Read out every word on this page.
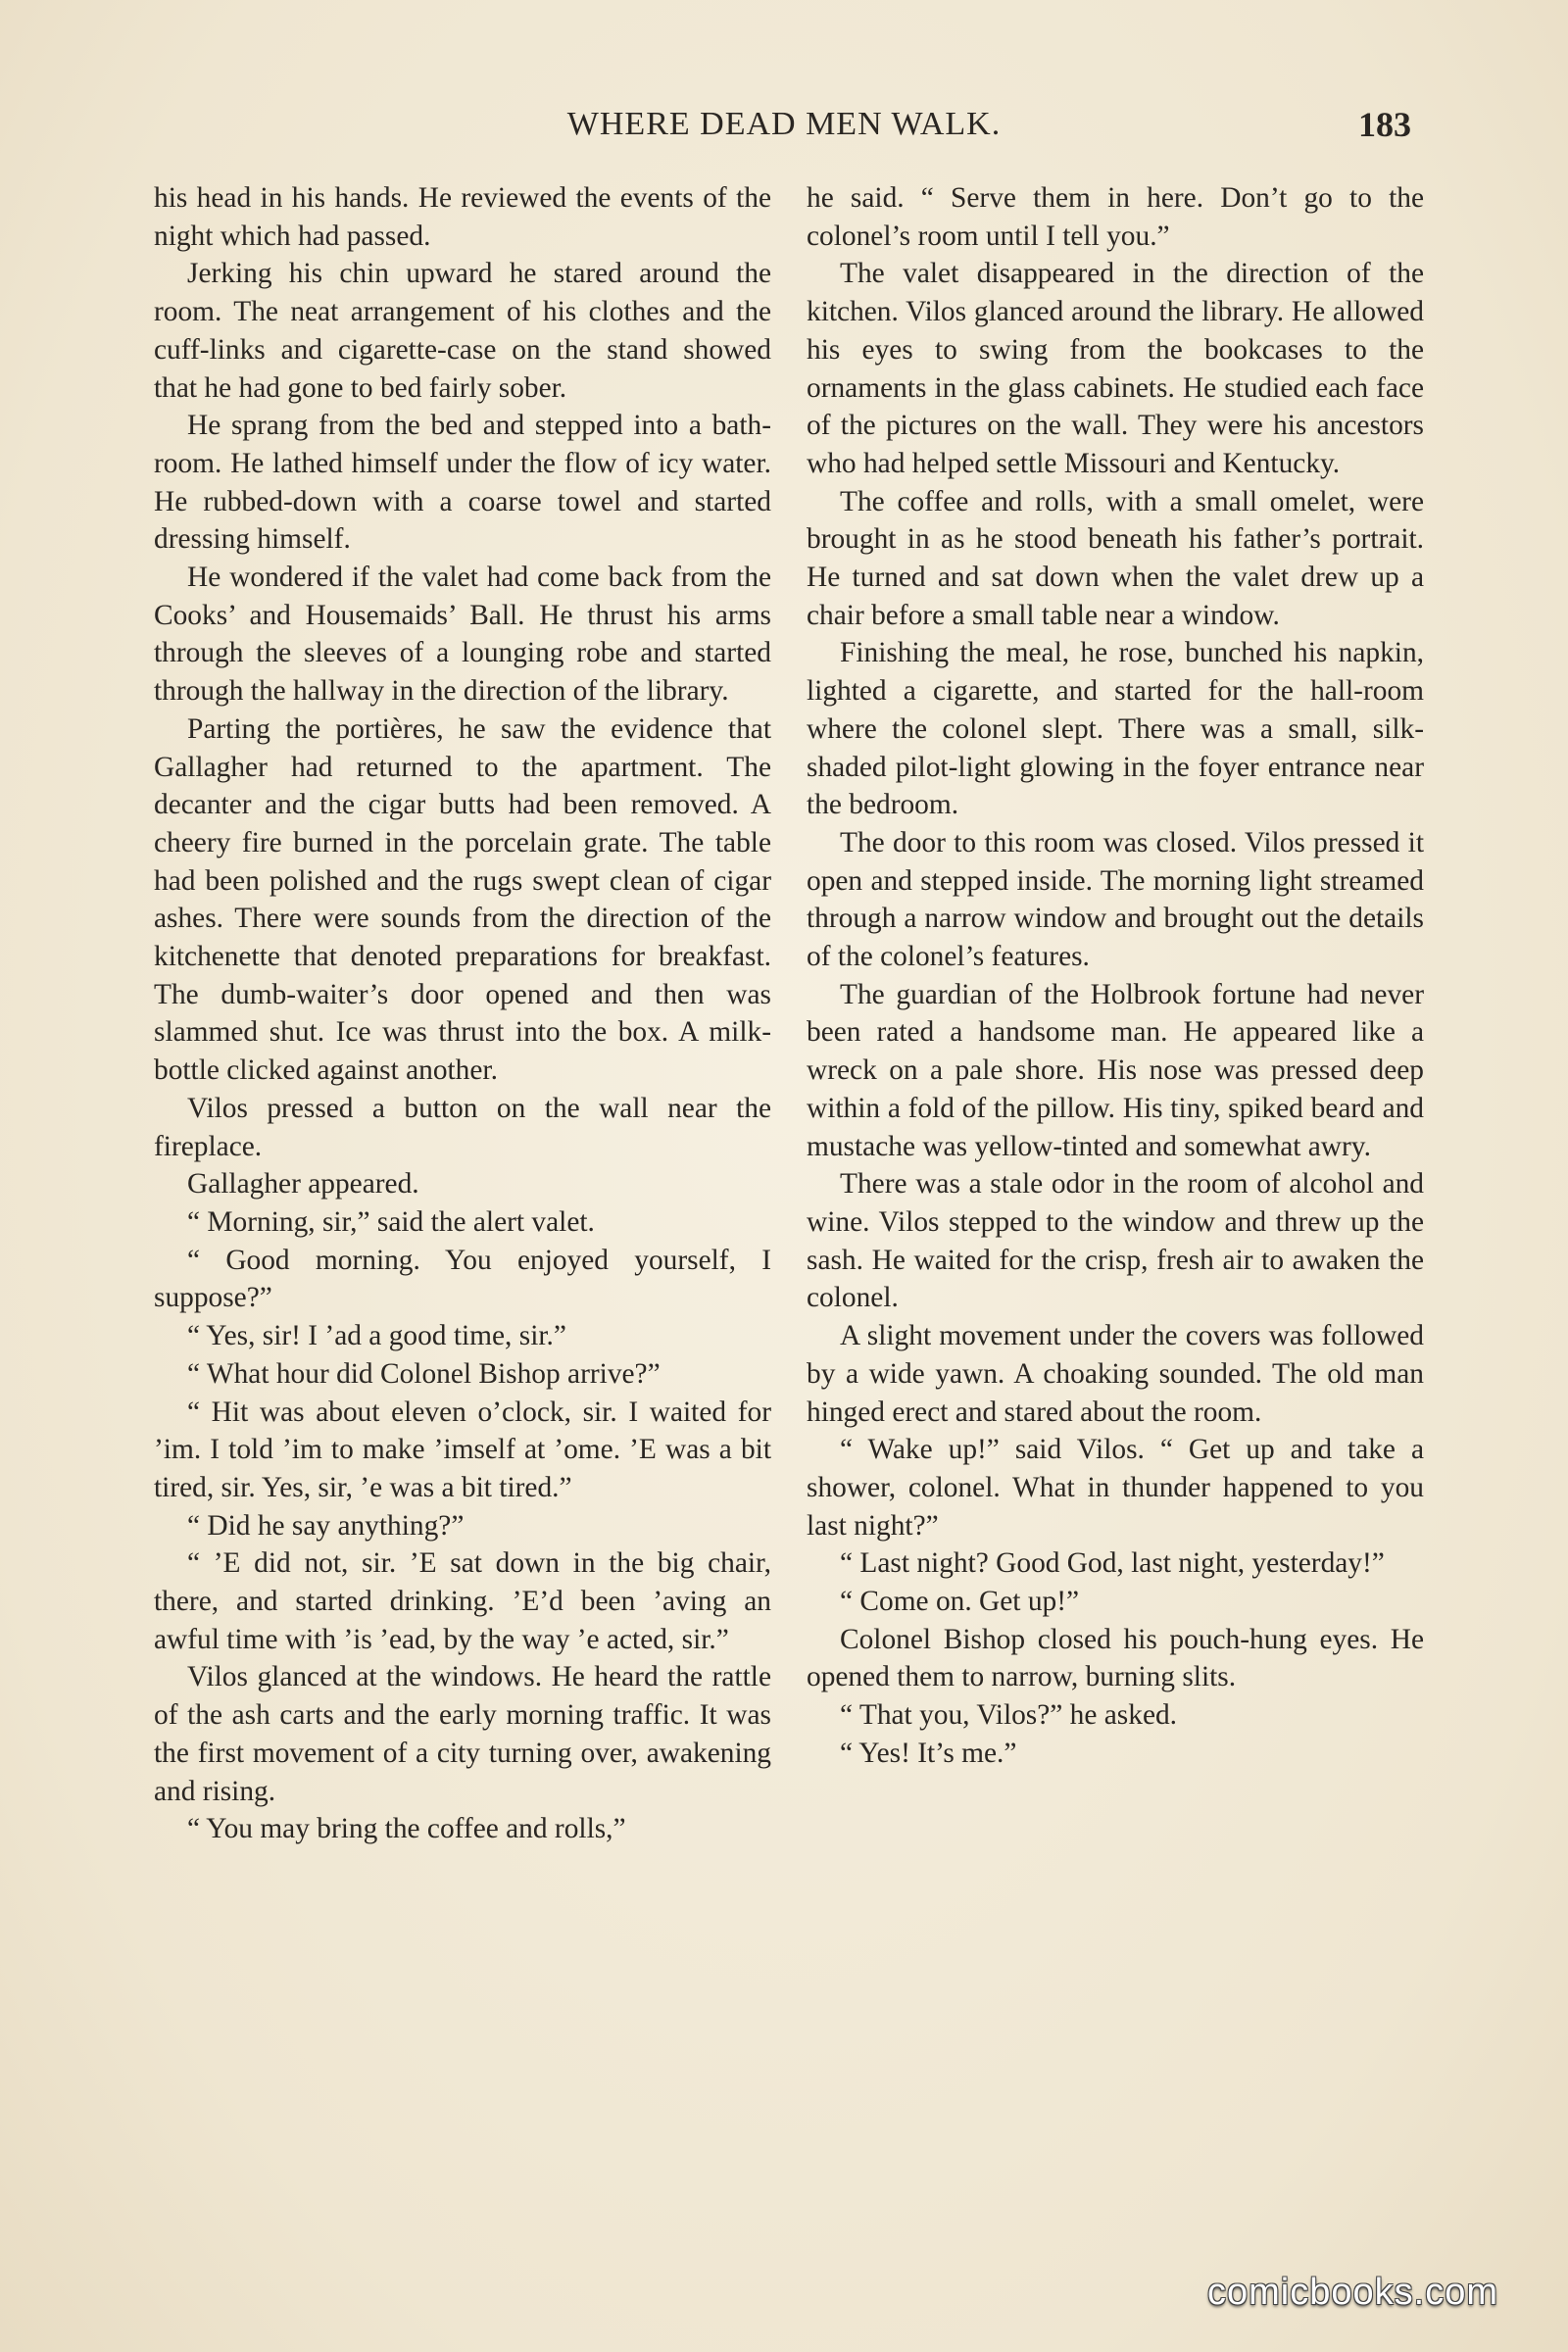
WHERE DEAD MEN WALK.	183

his head in his hands. He reviewed the events of the night which had passed.

Jerking his chin upward he stared around the room. The neat arrangement of his clothes and the cuff-links and cigarette-case on the stand showed that he had gone to bed fairly sober.

He sprang from the bed and stepped into a bath-room. He lathed himself under the flow of icy water. He rubbed-down with a coarse towel and started dressing himself.

He wondered if the valet had come back from the Cooks’ and Housemaids’ Ball. He thrust his arms through the sleeves of a lounging robe and started through the hallway in the direction of the library.

Parting the portières, he saw the evidence that Gallagher had returned to the apartment. The decanter and the cigar butts had been removed. A cheery fire burned in the porcelain grate. The table had been polished and the rugs swept clean of cigar ashes. There were sounds from the direction of the kitchenette that denoted preparations for breakfast. The dumb-waiter’s door opened and then was slammed shut. Ice was thrust into the box. A milk-bottle clicked against another.

Vilos pressed a button on the wall near the fireplace.

Gallagher appeared.

“ Morning, sir,” said the alert valet.

“ Good morning. You enjoyed yourself, I suppose?”

“ Yes, sir! I ’ad a good time, sir.”

“ What hour did Colonel Bishop arrive?”

“ Hit was about eleven o’clock, sir. I waited for ’im. I told ’im to make ’imself at ’ome. ’E was a bit tired, sir. Yes, sir, ’e was a bit tired.”

“ Did he say anything?”

“ ’E did not, sir. ’E sat down in the big chair, there, and started drinking. ’E’d been ’aving an awful time with ’is ’ead, by the way ’e acted, sir.”

Vilos glanced at the windows. He heard the rattle of the ash carts and the early morning traffic. It was the first movement of a city turning over, awakening and rising.

“ You may bring the coffee and rolls,”

he said. “ Serve them in here. Don’t go to the colonel’s room until I tell you.”

The valet disappeared in the direction of the kitchen. Vilos glanced around the library. He allowed his eyes to swing from the bookcases to the ornaments in the glass cabinets. He studied each face of the pictures on the wall. They were his ancestors who had helped settle Missouri and Kentucky.

The coffee and rolls, with a small omelet, were brought in as he stood beneath his father’s portrait. He turned and sat down when the valet drew up a chair before a small table near a window.

Finishing the meal, he rose, bunched his napkin, lighted a cigarette, and started for the hall-room where the colonel slept. There was a small, silk-shaded pilot-light glowing in the foyer entrance near the bedroom.

The door to this room was closed. Vilos pressed it open and stepped inside. The morning light streamed through a narrow window and brought out the details of the colonel’s features.

The guardian of the Holbrook fortune had never been rated a handsome man. He appeared like a wreck on a pale shore. His nose was pressed deep within a fold of the pillow. His tiny, spiked beard and mustache was yellow-tinted and somewhat awry.

There was a stale odor in the room of alcohol and wine. Vilos stepped to the window and threw up the sash. He waited for the crisp, fresh air to awaken the colonel.

A slight movement under the covers was followed by a wide yawn. A choaking sounded. The old man hinged erect and stared about the room.

“ Wake up!” said Vilos. “ Get up and take a shower, colonel. What in thunder happened to you last night?”

“ Last night? Good God, last night, yesterday!”

“ Come on. Get up!”

Colonel Bishop closed his pouch-hung eyes. He opened them to narrow, burning slits.

“ That you, Vilos?” he asked.

“ Yes! It’s me.”

comicbooks.com
